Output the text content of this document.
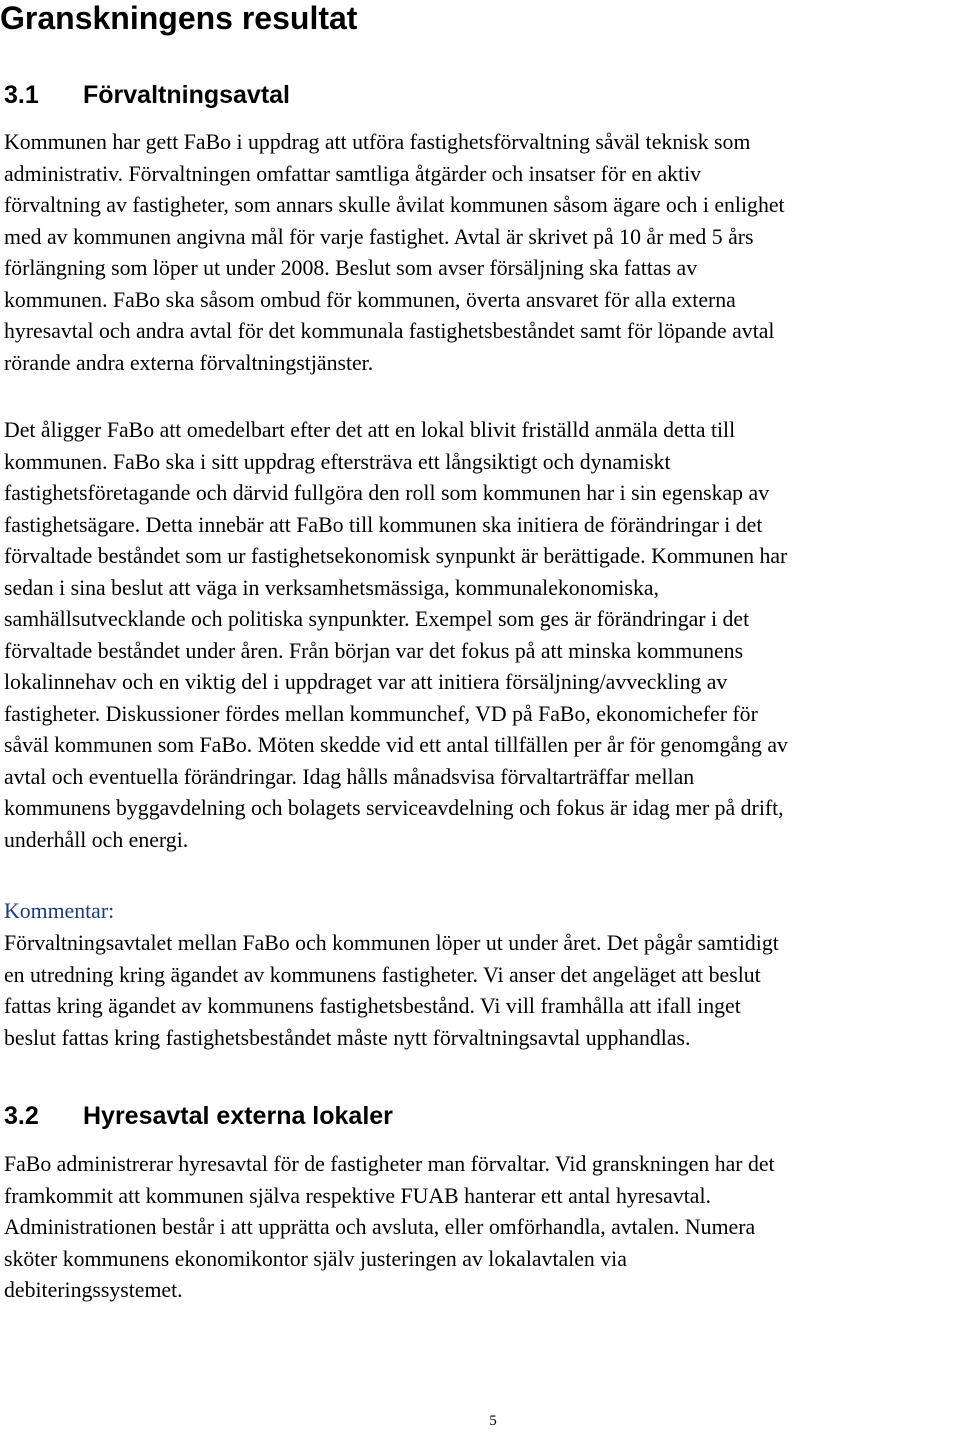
Granskningens resultat
3.1 Förvaltningsavtal
Kommunen har gett FaBo i uppdrag att utföra fastighetsförvaltning såväl teknisk som
administrativ. Förvaltningen omfattar samtliga åtgärder och insatser för en aktiv
förvaltning av fastigheter, som annars skulle åvilat kommunen såsom ägare och i enlighet
med av kommunen angivna mål för varje fastighet. Avtal är skrivet på 10 år med 5 års
förlängning som löper ut under 2008. Beslut som avser försäljning ska fattas av
kommunen. FaBo ska såsom ombud för kommunen, överta ansvaret för alla externa
hyresavtal och andra avtal för det kommunala fastighetsbeståndet samt för löpande avtal
rörande andra externa förvaltningstjänster.
Det åligger FaBo att omedelbart efter det att en lokal blivit friställd anmäla detta till
kommunen. FaBo ska i sitt uppdrag eftersträva ett långsiktigt och dynamiskt
fastighetsföretagande och därvid fullgöra den roll som kommunen har i sin egenskap av
fastighetsägare. Detta innebär att FaBo till kommunen ska initiera de förändringar i det
förvaltade beståndet som ur fastighetsekonomisk synpunkt är berättigade. Kommunen har
sedan i sina beslut att väga in verksamhetsmässiga, kommunalekonomiska,
samhällsutvecklande och politiska synpunkter. Exempel som ges är förändringar i det
förvaltade beståndet under åren. Från början var det fokus på att minska kommunens
lokalinnehav och en viktig del i uppdraget var att initiera försäljning/avveckling av
fastigheter. Diskussioner fördes mellan kommunchef, VD på FaBo, ekonomichefer för
såväl kommunen som FaBo. Möten skedde vid ett antal tillfällen per år för genomgång av
avtal och eventuella förändringar. Idag hålls månadsvisa förvaltarträffar mellan
kommunens byggavdelning och bolagets serviceavdelning och fokus är idag mer på drift,
underhåll och energi.
Kommentar:
Förvaltningsavtalet mellan FaBo och kommunen löper ut under året. Det pågår samtidigt
en utredning kring ägandet av kommunens fastigheter. Vi anser det angeläget att beslut
fattas kring ägandet av kommunens fastighetsbestånd. Vi vill framhålla att ifall inget
beslut fattas kring fastighetsbeståndet måste nytt förvaltningsavtal upphandlas.
3.2 Hyresavtal externa lokaler
FaBo administrerar hyresavtal för de fastigheter man förvaltar. Vid granskningen har det
framkommit att kommunen själva respektive FUAB hanterar ett antal hyresavtal.
Administrationen består i att upprätta och avsluta, eller omförhandla, avtalen. Numera
sköter kommunens ekonomikontor själv justeringen av lokalavtalen via
debiteringssystemet.
5
